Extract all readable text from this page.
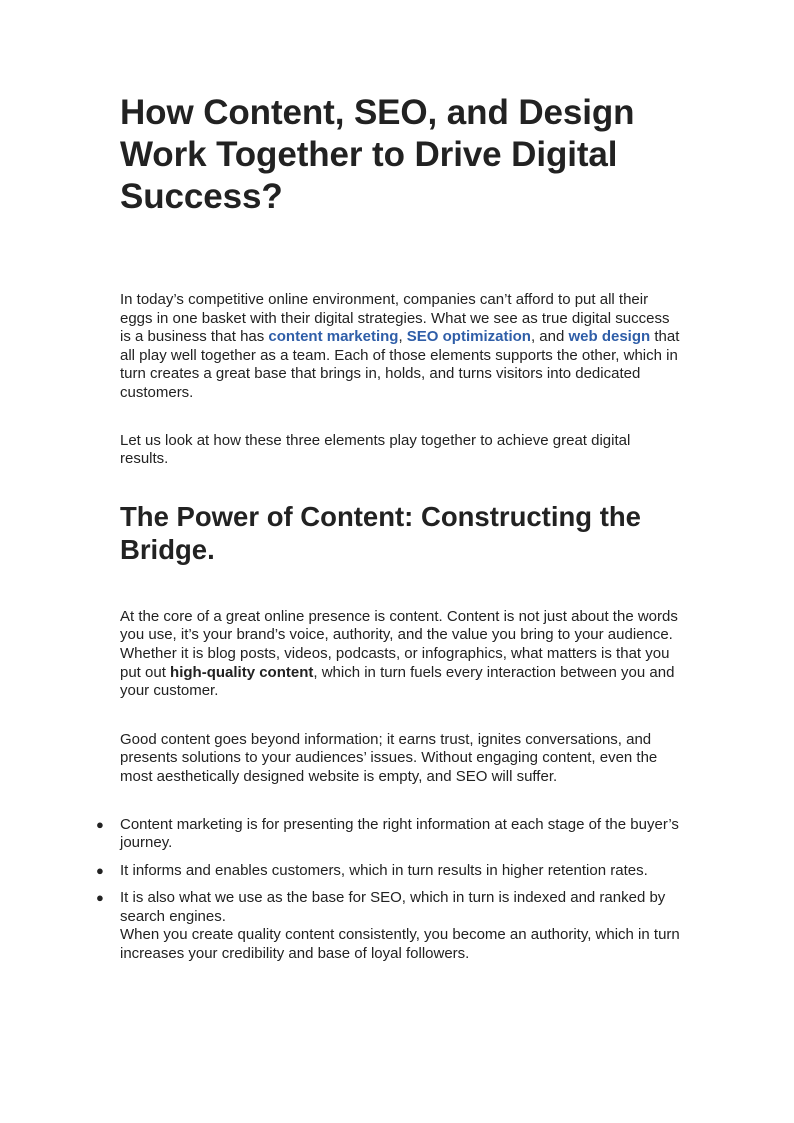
How Content, SEO, and Design Work Together to Drive Digital Success?

In today’s competitive online environment, companies can’t afford to put all their eggs in one basket with their digital strategies. What we see as true digital success is a business that has content marketing, SEO optimization, and web design that all play well together as a team. Each of those elements supports the other, which in turn creates a great base that brings in, holds, and turns visitors into dedicated customers.

Let us look at how these three elements play together to achieve great digital results.

The Power of Content: Constructing the Bridge.

At the core of a great online presence is content. Content is not just about the words you use, it’s your brand’s voice, authority, and the value you bring to your audience. Whether it is blog posts, videos, podcasts, or infographics, what matters is that you put out high-quality content, which in turn fuels every interaction between you and your customer.

Good content goes beyond information; it earns trust, ignites conversations, and presents solutions to your audiences’ issues. Without engaging content, even the most aesthetically designed website is empty, and SEO will suffer.

● Content marketing is for presenting the right information at each stage of the buyer’s journey.
● It informs and enables customers, which in turn results in higher retention rates.
● It is also what we use as the base for SEO, which in turn is indexed and ranked by search engines.
When you create quality content consistently, you become an authority, which in turn increases your credibility and base of loyal followers.
